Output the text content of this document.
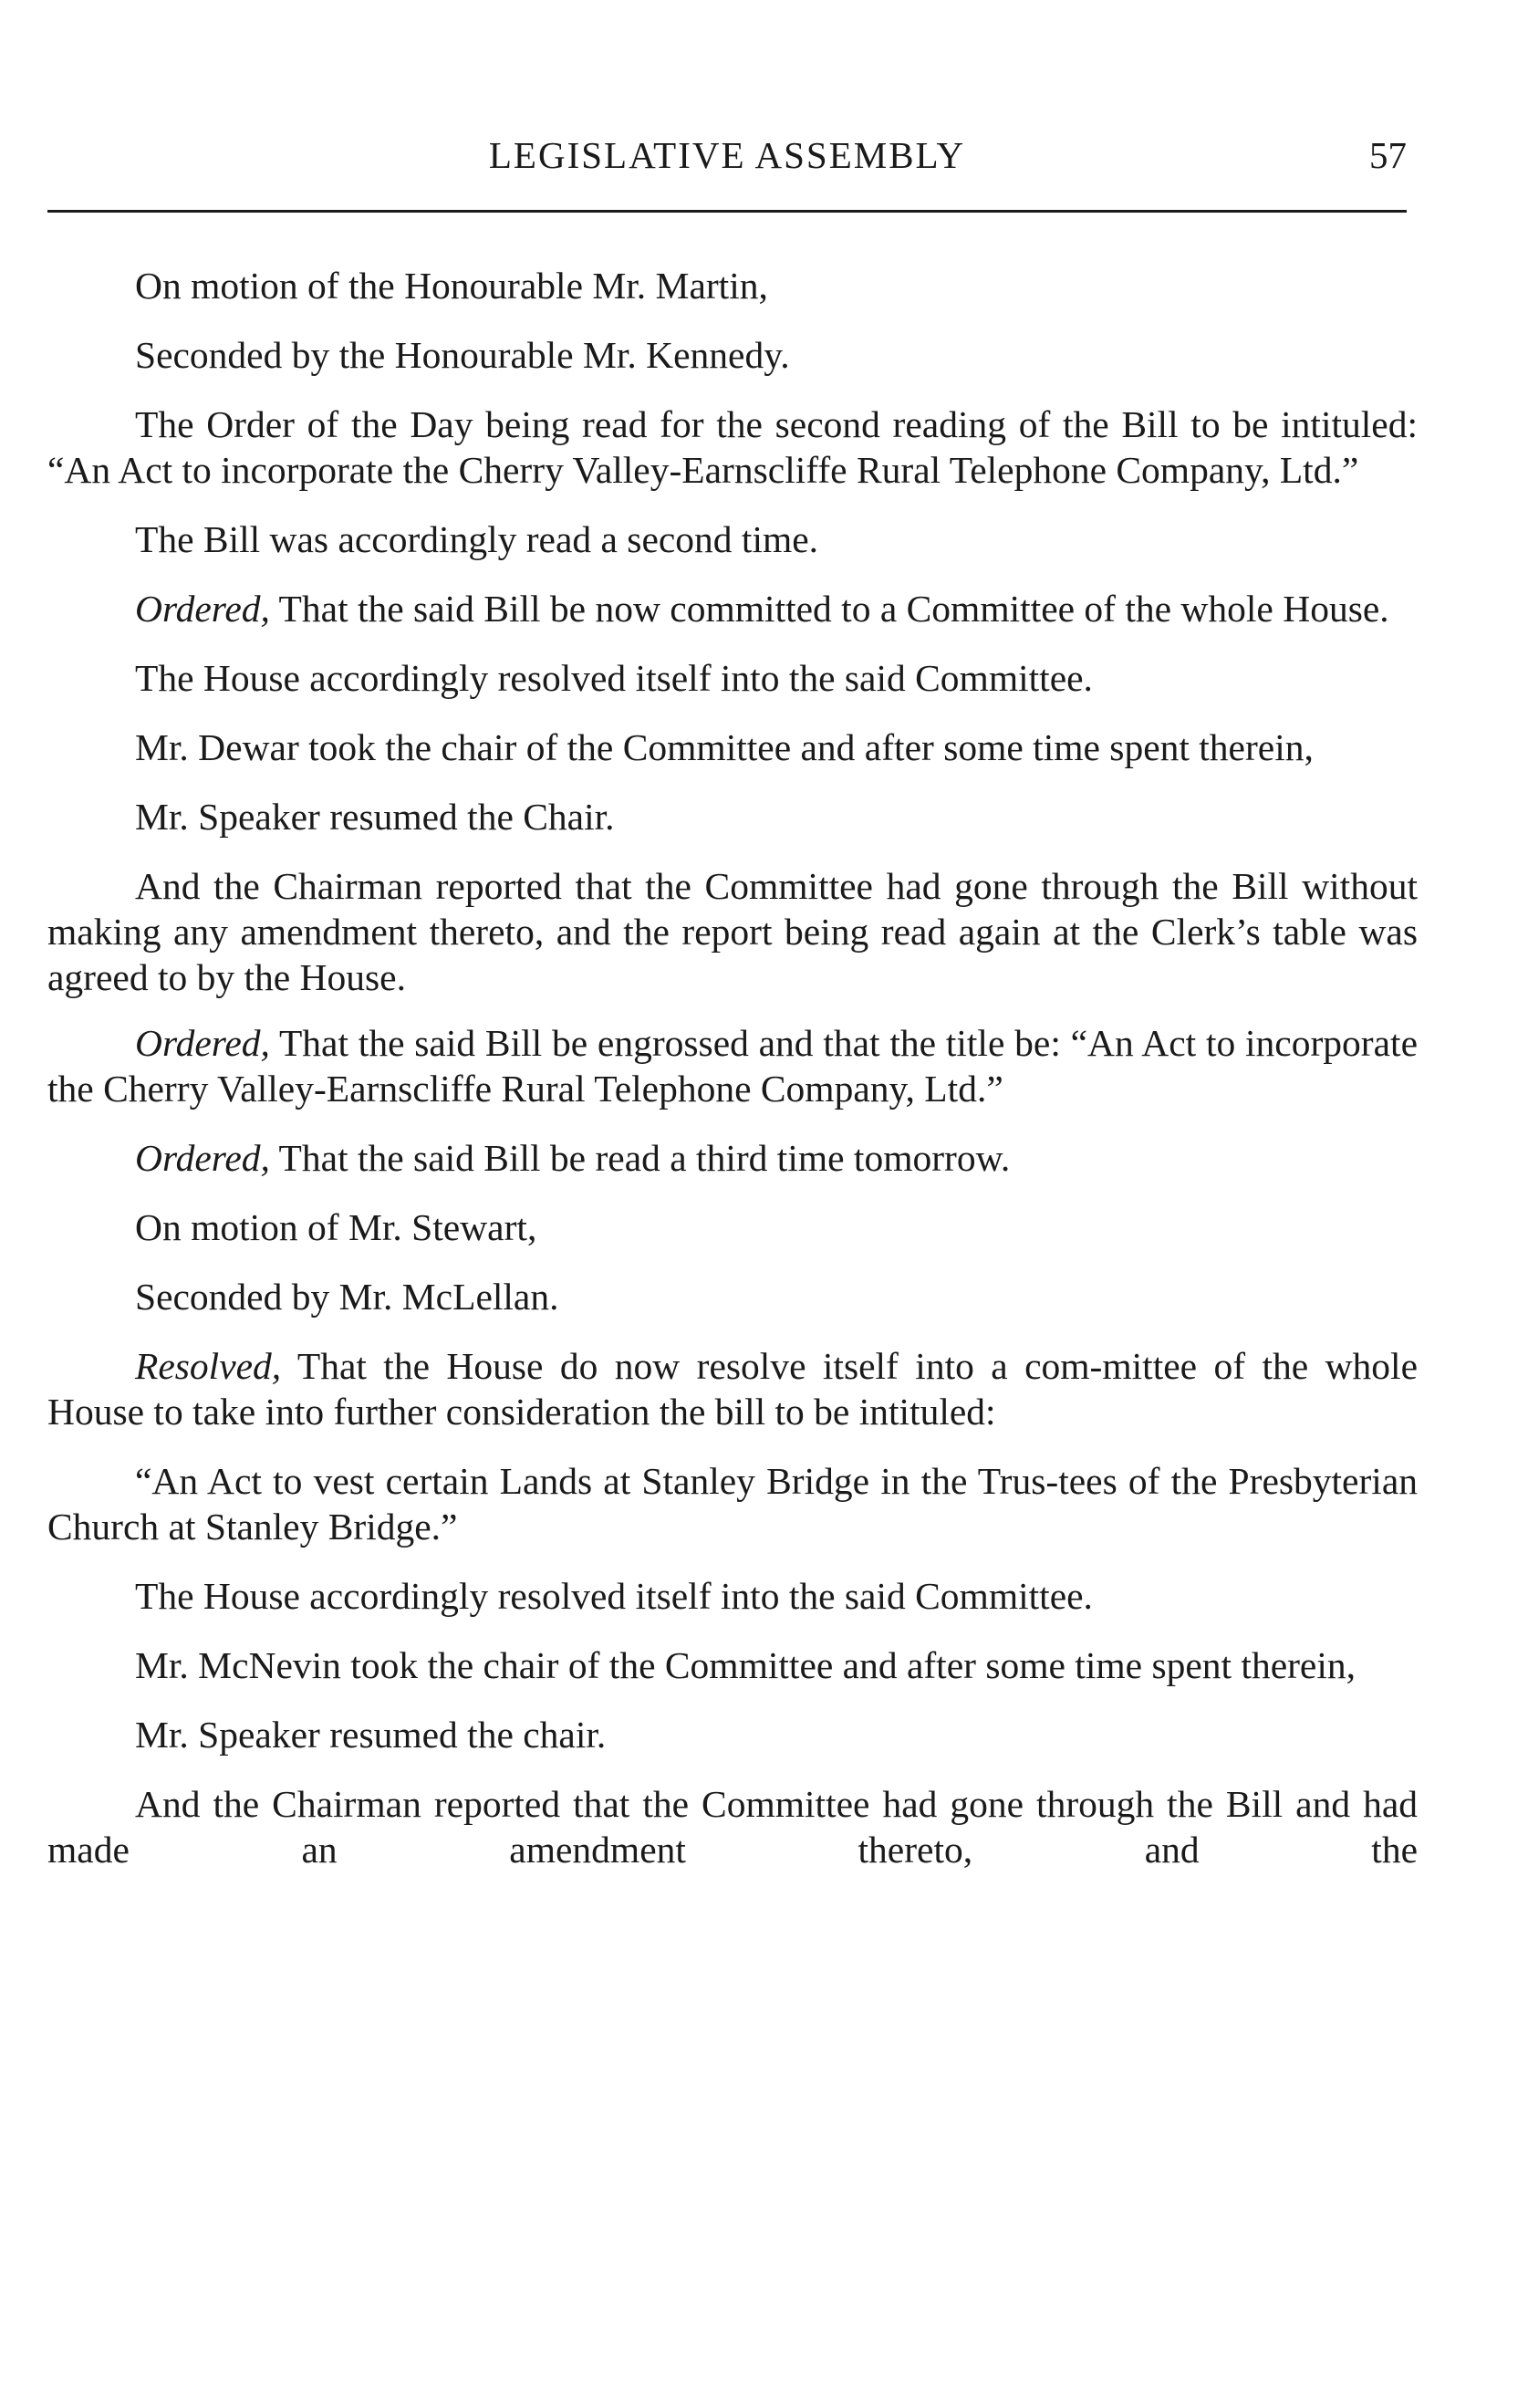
LEGISLATIVE ASSEMBLY	57

On motion of the Honourable Mr. Martin,

Seconded by the Honourable Mr. Kennedy.

The Order of the Day being read for the second reading of the Bill to be intituled: “An Act to incorporate the Cherry Valley-Earnscliffe Rural Telephone Company, Ltd.”

The Bill was accordingly read a second time.

Ordered, That the said Bill be now committed to a Committee of the whole House.

The House accordingly resolved itself into the said Committee.

Mr. Dewar took the chair of the Committee and after some time spent therein,

Mr. Speaker resumed the Chair.

And the Chairman reported that the Committee had gone through the Bill without making any amendment thereto, and the report being read again at the Clerk’s table was agreed to by the House.

Ordered, That the said Bill be engrossed and that the title be: “An Act to incorporate the Cherry Valley-Earnscliffe Rural Telephone Company, Ltd.”

Ordered, That the said Bill be read a third time tomorrow.

On motion of Mr. Stewart,

Seconded by Mr. McLellan.

Resolved, That the House do now resolve itself into a com-mittee of the whole House to take into further consideration the bill to be intituled:

“An Act to vest certain Lands at Stanley Bridge in the Trus-tees of the Presbyterian Church at Stanley Bridge.”

The House accordingly resolved itself into the said Committee.

Mr. McNevin took the chair of the Committee and after some time spent therein,

Mr. Speaker resumed the chair.

And the Chairman reported that the Committee had gone through the Bill and had made an amendment thereto, and the
